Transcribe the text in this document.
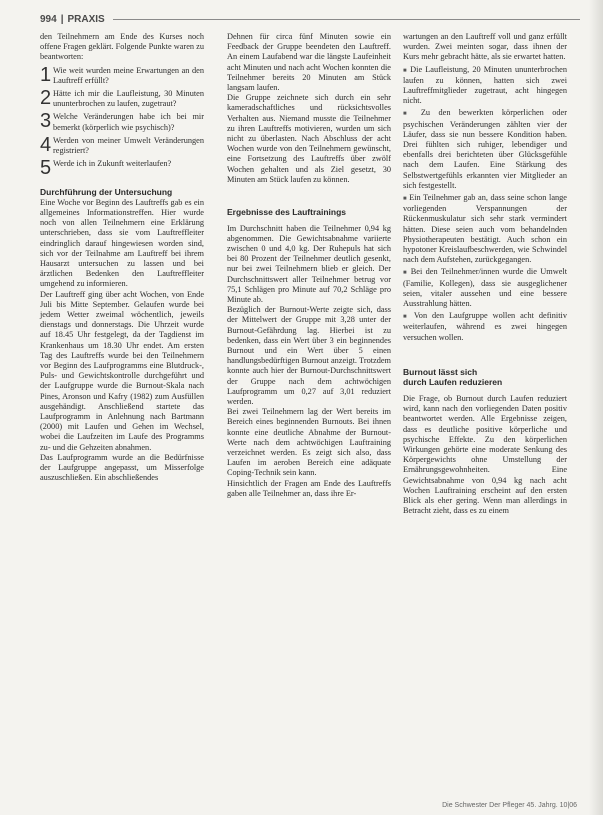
994 | PRAXIS

den Teilnehmern am Ende des Kurses noch offene Fragen geklärt. Folgende Punkte waren zu beantworten:

1 Wie weit wurden meine Erwartungen an den Lauftreff erfüllt?
2 Hätte ich mir die Laufleistung, 30 Minuten ununterbrochen zu laufen, zugetraut?
3 Welche Veränderungen habe ich bei mir bemerkt (körperlich wie psychisch)?
4 Werden von meiner Umwelt Veränderungen registriert?
5 Werde ich in Zukunft weiterlaufen?
Durchführung der Untersuchung

Eine Woche vor Beginn des Lauftreffs gab es ein allgemeines Informationstreffen. Hier wurde noch von allen Teilnehmern eine Erklärung unterschrieben, dass sie vom Lauftreffleiter eindringlich darauf hingewiesen worden sind, sich vor der Teilnahme am Lauftreff bei ihrem Hausarzt untersuchen zu lassen und bei ärztlichen Bedenken den Lauftreffleiter umgehend zu informieren.

Der Lauftreff ging über acht Wochen, von Ende Juli bis Mitte September. Gelaufen wurde bei jedem Wetter zweimal wöchentlich, jeweils dienstags und donnerstags. Die Uhrzeit wurde auf 18.45 Uhr festgelegt, da der Tagdienst im Krankenhaus um 18.30 Uhr endet. Am ersten Tag des Lauftreffs wurde bei den Teilnehmern vor Beginn des Laufprogramms eine Blutdruck-, Puls- und Gewichtskontrolle durchgeführt und der Laufgruppe wurde die Burnout-Skala nach Pines, Aronson und Kafry (1982) zum Ausfüllen ausgehändigt. Anschließend startete das Laufprogramm in Anlehnung nach Bartmann (2000) mit Laufen und Gehen im Wechsel, wobei die Laufzeiten im Laufe des Programms zu- und die Gehzeiten abnahmen.

Das Laufprogramm wurde an die Bedürfnisse der Laufgruppe angepasst, um Misserfolge auszuschließen. Ein abschließendes

Dehnen für circa fünf Minuten sowie ein Feedback der Gruppe beendeten den Lauftreff. An einem Laufabend war die längste Laufeinheit acht Minuten und nach acht Wochen konnten die Teilnehmer bereits 20 Minuten am Stück langsam laufen.

Die Gruppe zeichnete sich durch ein sehr kameradschaftliches und rücksichtsvolles Verhalten aus. Niemand musste die Teilnehmer zu ihren Lauftreffs motivieren, wurden um sich nicht zu überlasten. Nach Abschluss der acht Wochen wurde von den Teilnehmern gewünscht, eine Fortsetzung des Lauftreffs über zwölf Wochen gehalten und als Ziel gesetzt, 30 Minuten am Stück laufen zu können.

Ergebnisse des Lauftrainings

Im Durchschnitt haben die Teilnehmer 0,94 kg abgenommen. Die Gewichtsabnahme variierte zwischen 0 und 4,0 kg. Der Ruhepuls hat sich bei 80 Prozent der Teilnehmer deutlich gesenkt, nur bei zwei Teilnehmern blieb er gleich. Der Durchschnittswert aller Teilnehmer betrug vor 75,1 Schlägen pro Minute auf 70,2 Schläge pro Minute ab.

Bezüglich der Burnout-Werte zeigte sich, dass der Mittelwert der Gruppe mit 3,28 unter der Burnout-Gefährdung lag. Hierbei ist zu bedenken, dass ein Wert über 3 ein beginnendes Burnout und ein Wert über 5 einen handlungsbedürftigen Burnout anzeigt. Trotzdem konnte auch hier der Burnout-Durchschnittswert der Gruppe nach dem achtwöchigen Laufprogramm um 0,27 auf 3,01 reduziert werden.

Bei zwei Teilnehmern lag der Wert bereits im Bereich eines beginnenden Burnouts. Bei ihnen konnte eine deutliche Abnahme der Burnout-Werte nach dem achtwöchigen Lauftraining verzeichnet werden. Es zeigt sich also, dass Laufen im aeroben Bereich eine adäquate Coping-Technik sein kann.

Hinsichtlich der Fragen am Ende des Lauftreffs gaben alle Teilnehmer an, dass ihre Er-

wartungen an den Lauftreff voll und ganz erfüllt wurden. Zwei meinten sogar, dass ihnen der Kurs mehr gebracht hätte, als sie erwartet hatten.

■ Die Laufleistung, 20 Minuten ununterbrochen laufen zu können, hatten sich zwei Lauftreffmitglieder zugetraut, acht hingegen nicht.

■ Zu den bewerkten körperlichen oder psychischen Veränderungen zählten vier der Läufer, dass sie nun bessere Kondition haben. Drei fühlten sich ruhiger, lebendiger und ebenfalls drei berichteten über Glücksgefühle nach dem Laufen. Eine Stärkung des Selbstwertgefühls erkannten vier Mitglieder an sich festgestellt.

■ Ein Teilnehmer gab an, dass seine schon lange vorliegenden Verspannungen der Rückenmuskulatur sich sehr stark vermindert hätten. Diese seien auch vom behandelnden Physiotherapeuten bestätigt. Auch schon ein hypotoner Kreislaufbeschwerden, wie Schwindel nach dem Aufstehen, zurückgegangen.

■ Bei den Teilnehmer/innen wurde die Umwelt (Familie, Kollegen), dass sie ausgeglichener seien, vitaler aussehen und eine bessere Ausstrahlung hätten.

■ Von den Laufgruppe wollen acht definitiv weiterlaufen, während es zwei hingegen versuchen wollen.

Burnout lässt sich
durch Laufen reduzieren

Die Frage, ob Burnout durch Laufen reduziert wird, kann nach den vorliegenden Daten positiv beantwortet werden. Alle Ergebnisse zeigen, dass es deutliche positive körperliche und psychische Effekte. Zu den körperlichen Wirkungen gehörte eine moderate Senkung des Körpergewichts ohne Umstellung der Ernährungsgewohnheiten. Eine Gewichtsabnahme von 0,94 kg nach acht Wochen Lauftraining erscheint auf den ersten Blick als eher gering. Wenn man allerdings in Betracht zieht, dass es zu einem

Die Schwester Der Pfleger 45. Jahrg. 10|06
